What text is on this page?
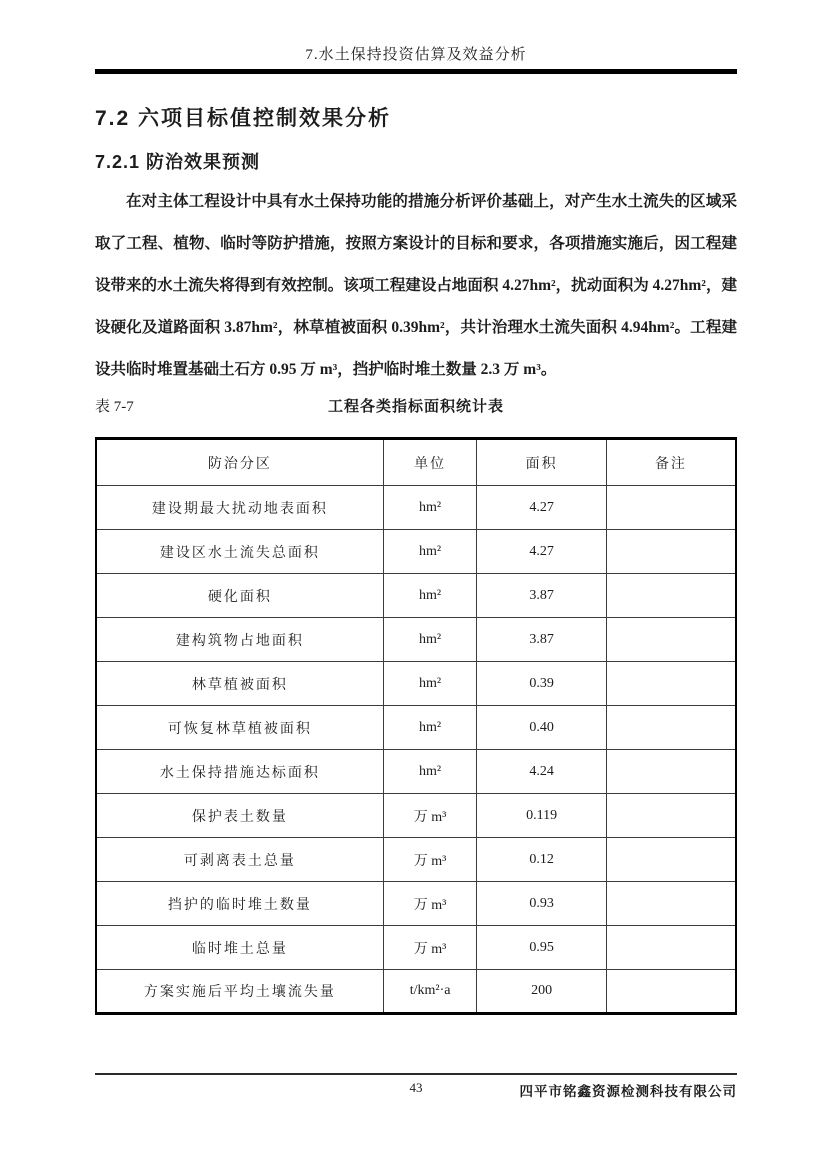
7.水土保持投资估算及效益分析
7.2 六项目标值控制效果分析
7.2.1 防治效果预测
在对主体工程设计中具有水土保持功能的措施分析评价基础上，对产生水土流失的区域采取了工程、植物、临时等防护措施，按照方案设计的目标和要求，各项措施实施后，因工程建设带来的水土流失将得到有效控制。该项工程建设占地面积 4.27hm²，扰动面积为 4.27hm²，建设硬化及道路面积 3.87hm²，林草植被面积 0.39hm²，共计治理水土流失面积 4.94hm²。工程建设共临时堆置基础土石方 0.95 万 m³，挡护临时堆土数量 2.3 万 m³。
表 7-7	工程各类指标面积统计表
防治分区	单位	面积	备注
建设期最大扰动地表面积	hm²	4.27	
建设区水土流失总面积	hm²	4.27	
硬化面积	hm²	3.87	
建构筑物占地面积	hm²	3.87	
林草植被面积	hm²	0.39	
可恢复林草植被面积	hm²	0.40	
水土保持措施达标面积	hm²	4.24	
保护表土数量	万 m³	0.119	
可剥离表土总量	万 m³	0.12	
挡护的临时堆土数量	万 m³	0.93	
临时堆土总量	万 m³	0.95	
方案实施后平均土壤流失量	t/km²·a	200	
43	四平市铭鑫资源检测科技有限公司
